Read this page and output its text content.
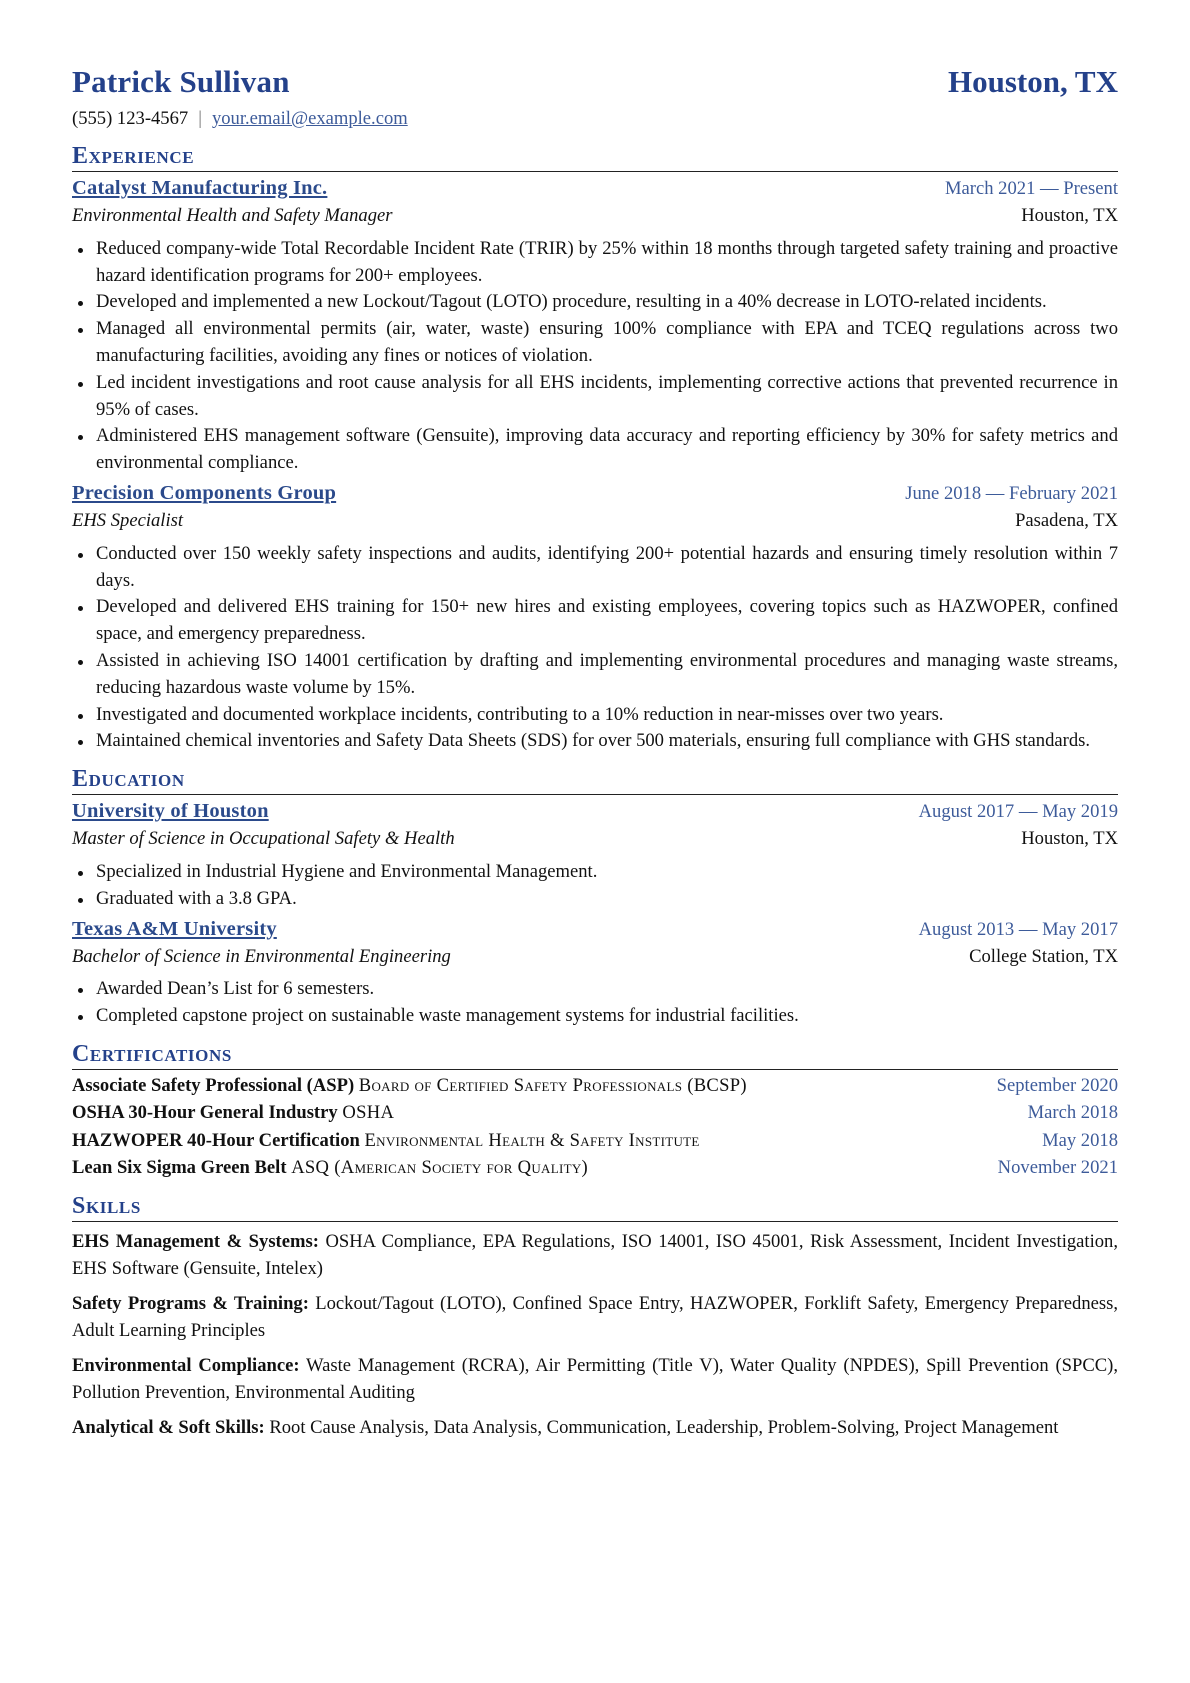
Patrick Sullivan	Houston, TX
(555) 123-4567 | your.email@example.com
Experience
Catalyst Manufacturing Inc.	March 2021 — Present
Environmental Health and Safety Manager	Houston, TX
Reduced company-wide Total Recordable Incident Rate (TRIR) by 25% within 18 months through targeted safety training and proactive hazard identification programs for 200+ employees.
Developed and implemented a new Lockout/Tagout (LOTO) procedure, resulting in a 40% decrease in LOTO-related incidents.
Managed all environmental permits (air, water, waste) ensuring 100% compliance with EPA and TCEQ regulations across two manufacturing facilities, avoiding any fines or notices of violation.
Led incident investigations and root cause analysis for all EHS incidents, implementing corrective actions that prevented recurrence in 95% of cases.
Administered EHS management software (Gensuite), improving data accuracy and reporting efficiency by 30% for safety metrics and environmental compliance.
Precision Components Group	June 2018 — February 2021
EHS Specialist	Pasadena, TX
Conducted over 150 weekly safety inspections and audits, identifying 200+ potential hazards and ensuring timely resolution within 7 days.
Developed and delivered EHS training for 150+ new hires and existing employees, covering topics such as HAZWOPER, confined space, and emergency preparedness.
Assisted in achieving ISO 14001 certification by drafting and implementing environmental procedures and managing waste streams, reducing hazardous waste volume by 15%.
Investigated and documented workplace incidents, contributing to a 10% reduction in near-misses over two years.
Maintained chemical inventories and Safety Data Sheets (SDS) for over 500 materials, ensuring full compliance with GHS standards.
Education
University of Houston	August 2017 — May 2019
Master of Science in Occupational Safety & Health	Houston, TX
Specialized in Industrial Hygiene and Environmental Management.
Graduated with a 3.8 GPA.
Texas A&M University	August 2013 — May 2017
Bachelor of Science in Environmental Engineering	College Station, TX
Awarded Dean’s List for 6 semesters.
Completed capstone project on sustainable waste management systems for industrial facilities.
Certifications
Associate Safety Professional (ASP) Board of Certified Safety Professionals (BCSP)	September 2020
OSHA 30-Hour General Industry OSHA	March 2018
HAZWOPER 40-Hour Certification Environmental Health & Safety Institute	May 2018
Lean Six Sigma Green Belt ASQ (American Society for Quality)	November 2021
Skills
EHS Management & Systems: OSHA Compliance, EPA Regulations, ISO 14001, ISO 45001, Risk Assessment, Incident Investigation, EHS Software (Gensuite, Intelex)
Safety Programs & Training: Lockout/Tagout (LOTO), Confined Space Entry, HAZWOPER, Forklift Safety, Emergency Preparedness, Adult Learning Principles
Environmental Compliance: Waste Management (RCRA), Air Permitting (Title V), Water Quality (NPDES), Spill Prevention (SPCC), Pollution Prevention, Environmental Auditing
Analytical & Soft Skills: Root Cause Analysis, Data Analysis, Communication, Leadership, Problem-Solving, Project Management
